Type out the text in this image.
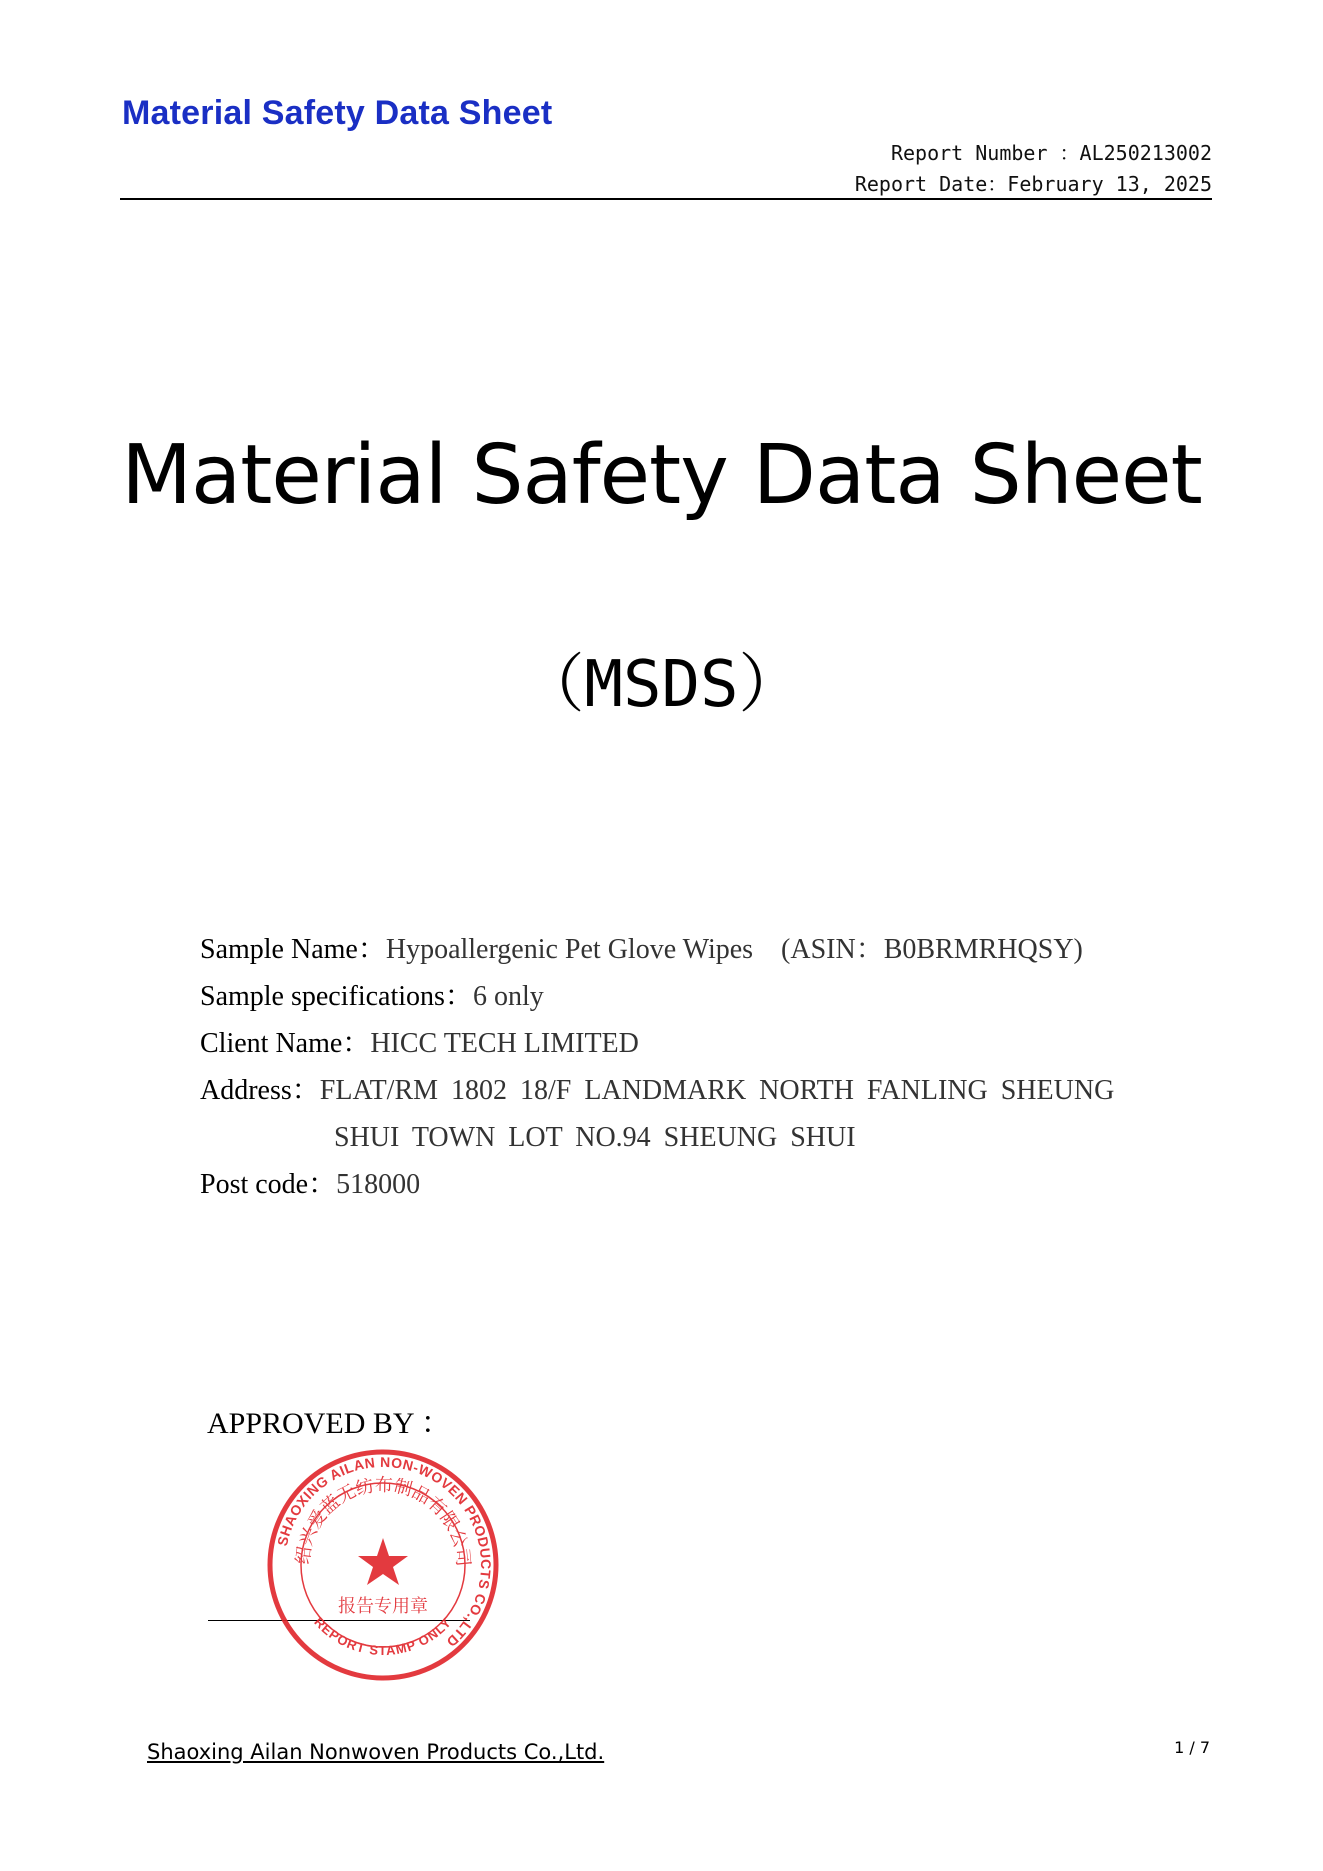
Material Safety Data Sheet
Report Number ：AL250213002
Report Date：February 13, 2025
Material Safety Data Sheet
（MSDS）
Sample Name：Hypoallergenic Pet Glove Wipes　(ASIN：B0BRMRHQSY)
Sample specifications：6 only
Client Name：HICC TECH LIMITED
Address：FLAT/RM 1802 18/F LANDMARK NORTH FANLING SHEUNG
SHUI TOWN LOT NO.94 SHEUNG SHUI
Post code：518000
APPROVED BY ：
SHAOXING AILAN NON-WOVEN PRODUCTS CO.,LTD
绍兴爱蓝无纺布制品有限公司
报告专用章
REPORT STAMP ONLY
Shaoxing Ailan Nonwoven Products Co.,Ltd.	1 / 7
